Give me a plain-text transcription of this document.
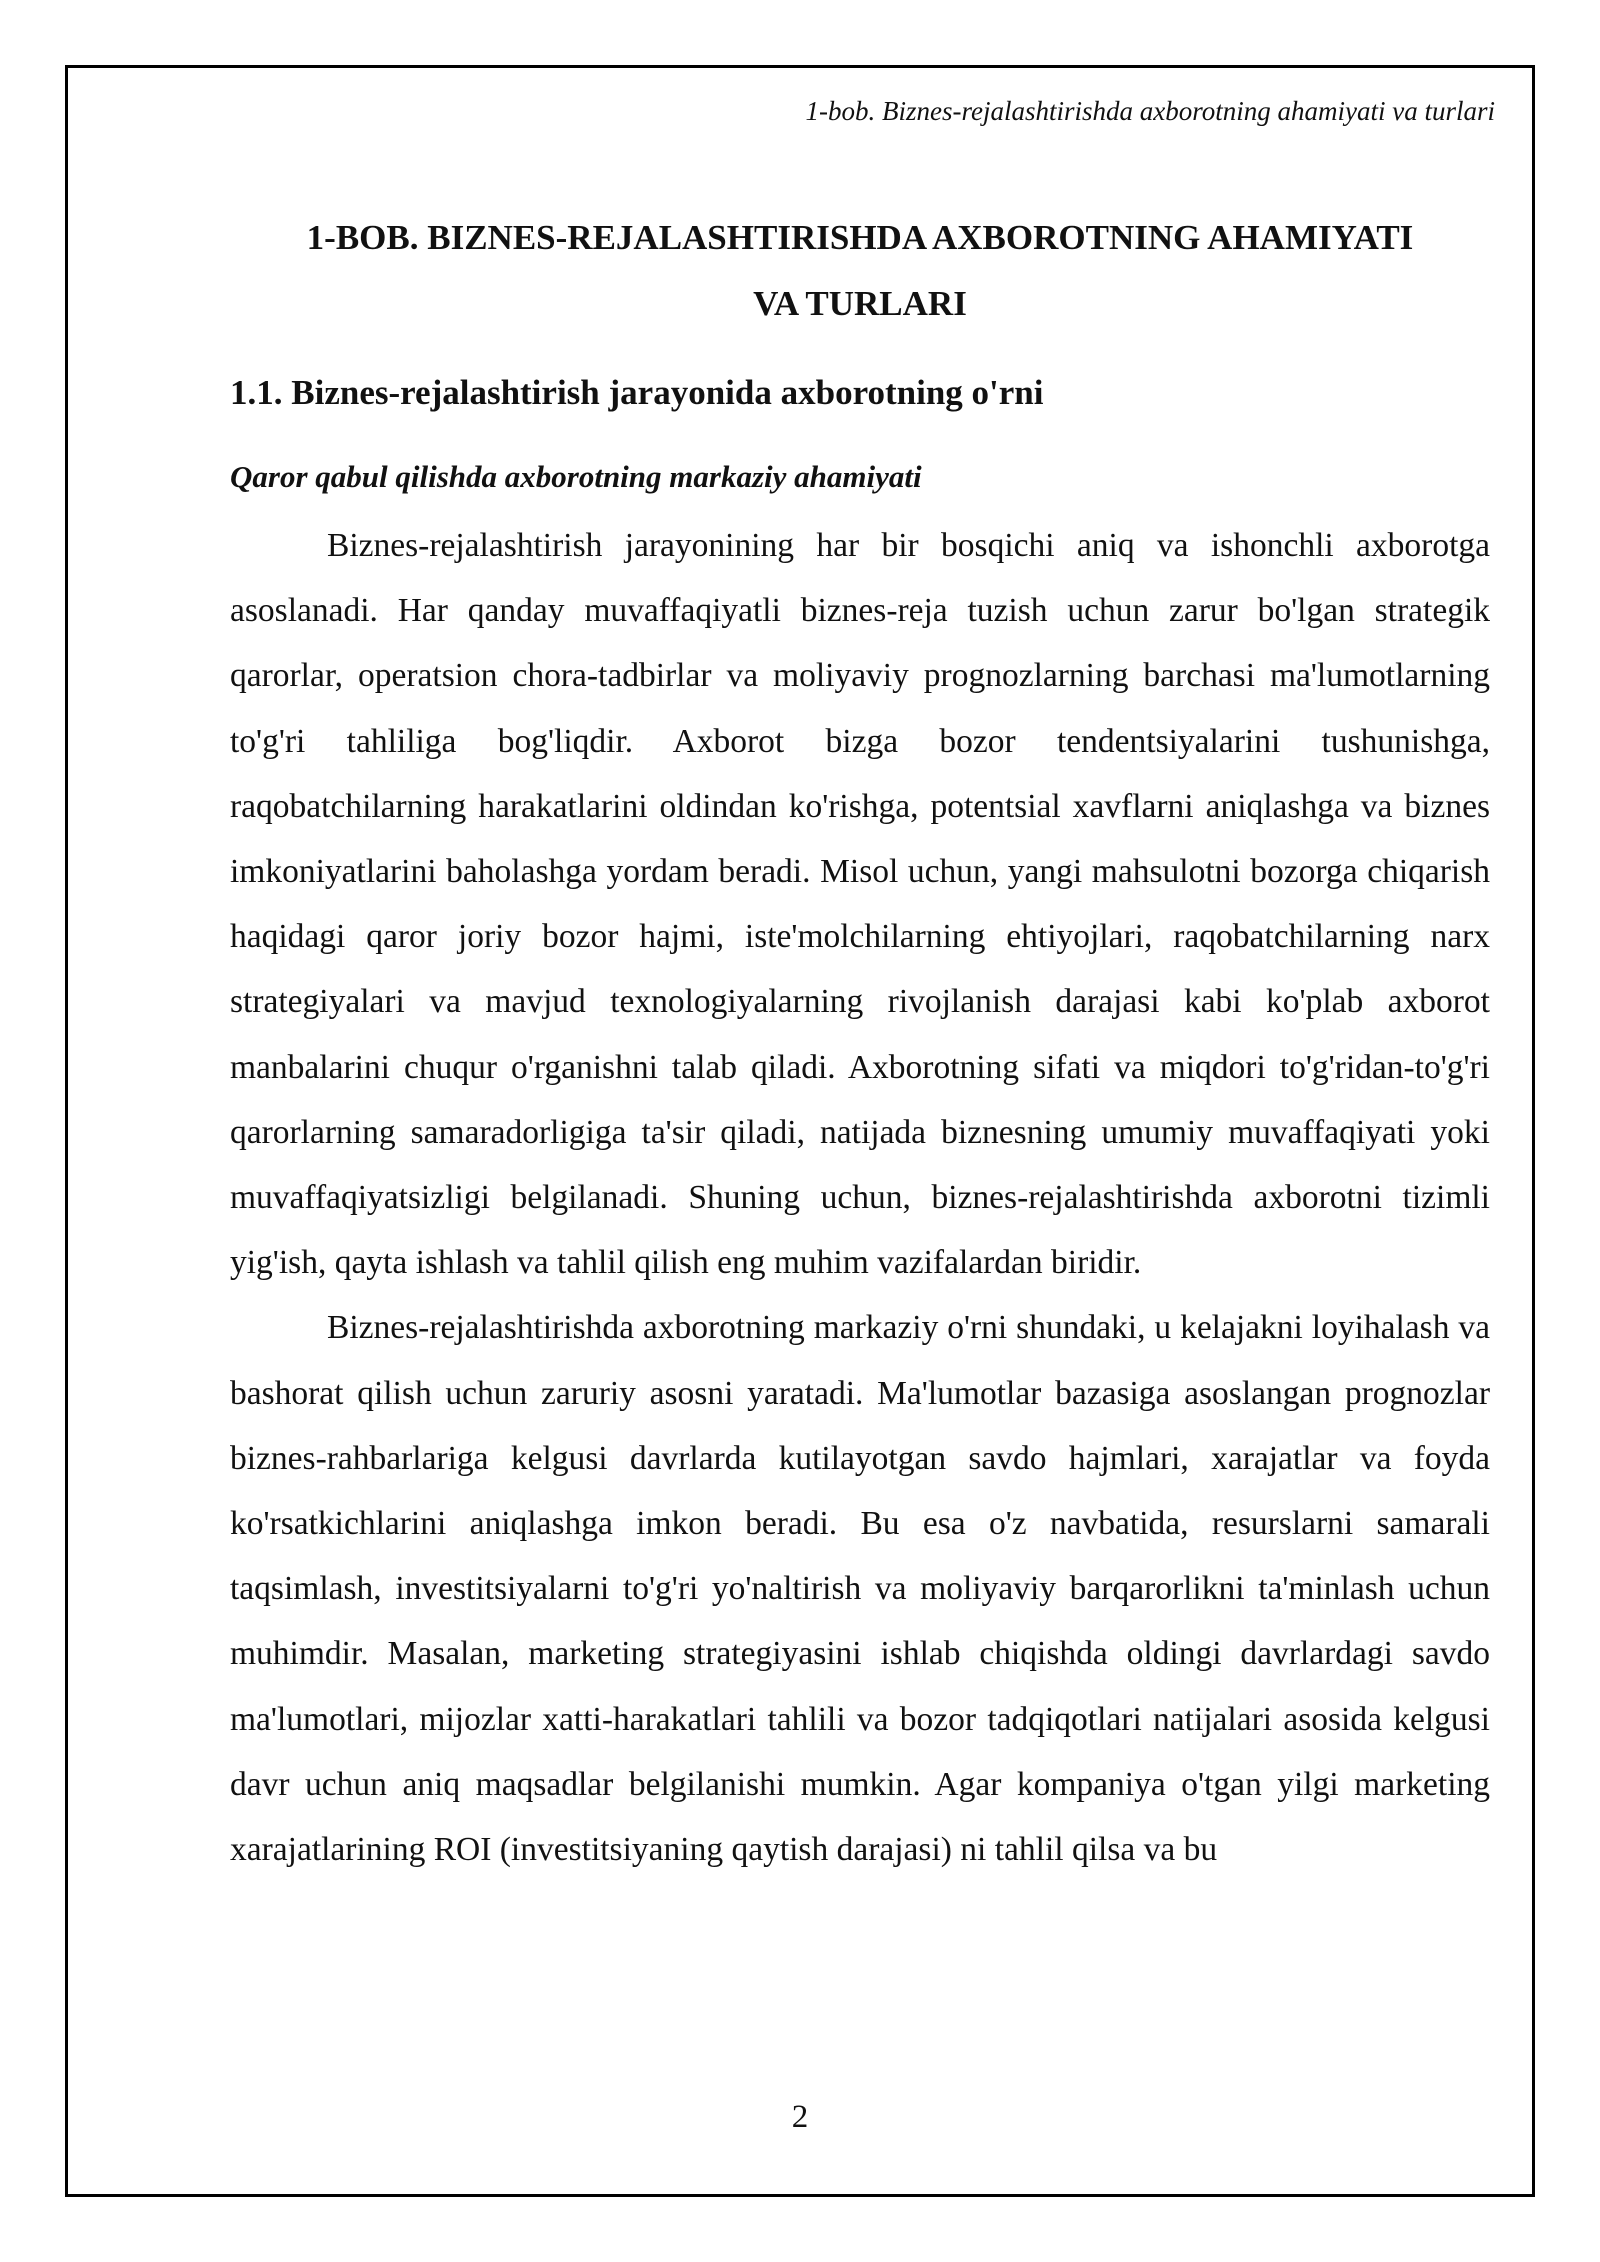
1-bob. Biznes-rejalashtirishda axborotning ahamiyati va turlari
1-BOB. BIZNES-REJALASHTIRISHDA AXBOROTNING AHAMIYATI
VA TURLARI
1.1. Biznes-rejalashtirish jarayonida axborotning o'rni
Qaror qabul qilishda axborotning markaziy ahamiyati

Biznes-rejalashtirish jarayonining har bir bosqichi aniq va ishonchli axborotga asoslanadi. Har qanday muvaffaqiyatli biznes-reja tuzish uchun zarur bo'lgan strategik qarorlar, operatsion chora-tadbirlar va moliyaviy prognozlarning barchasi ma'lumotlarning to'g'ri tahliliga bog'liqdir. Axborot bizga bozor tendentsiyalarini tushunishga, raqobatchilarning harakatlarini oldindan ko'rishga, potentsial xavflarni aniqlashga va biznes imkoniyatlarini baholashga yordam beradi. Misol uchun, yangi mahsulotni bozorga chiqarish haqidagi qaror joriy bozor hajmi, iste'molchilarning ehtiyojlari, raqobatchilarning narx strategiyalari va mavjud texnologiyalarning rivojlanish darajasi kabi ko'plab axborot manbalarini chuqur o'rganishni talab qiladi. Axborotning sifati va miqdori to'g'ridan-to'g'ri qarorlarning samaradorligiga ta'sir qiladi, natijada biznesning umumiy muvaffaqiyati yoki muvaffaqiyatsizligi belgilanadi. Shuning uchun, biznes-rejalashtirishda axborotni tizimli yig'ish, qayta ishlash va tahlil qilish eng muhim vazifalardan biridir.

Biznes-rejalashtirishda axborotning markaziy o'rni shundaki, u kelajakni loyihalash va bashorat qilish uchun zaruriy asosni yaratadi. Ma'lumotlar bazasiga asoslangan prognozlar biznes-rahbarlariga kelgusi davrlarda kutilayotgan savdo hajmlari, xarajatlar va foyda ko'rsatkichlarini aniqlashga imkon beradi. Bu esa o'z navbatida, resurslarni samarali taqsimlash, investitsiyalarni to'g'ri yo'naltirish va moliyaviy barqarorlikni ta'minlash uchun muhimdir. Masalan, marketing strategiyasini ishlab chiqishda oldingi davrlardagi savdo ma'lumotlari, mijozlar xatti-harakatlari tahlili va bozor tadqiqotlari natijalari asosida kelgusi davr uchun aniq maqsadlar belgilanishi mumkin. Agar kompaniya o'tgan yilgi marketing xarajatlarining ROI (investitsiyaning qaytish darajasi) ni tahlil qilsa va bu

2
